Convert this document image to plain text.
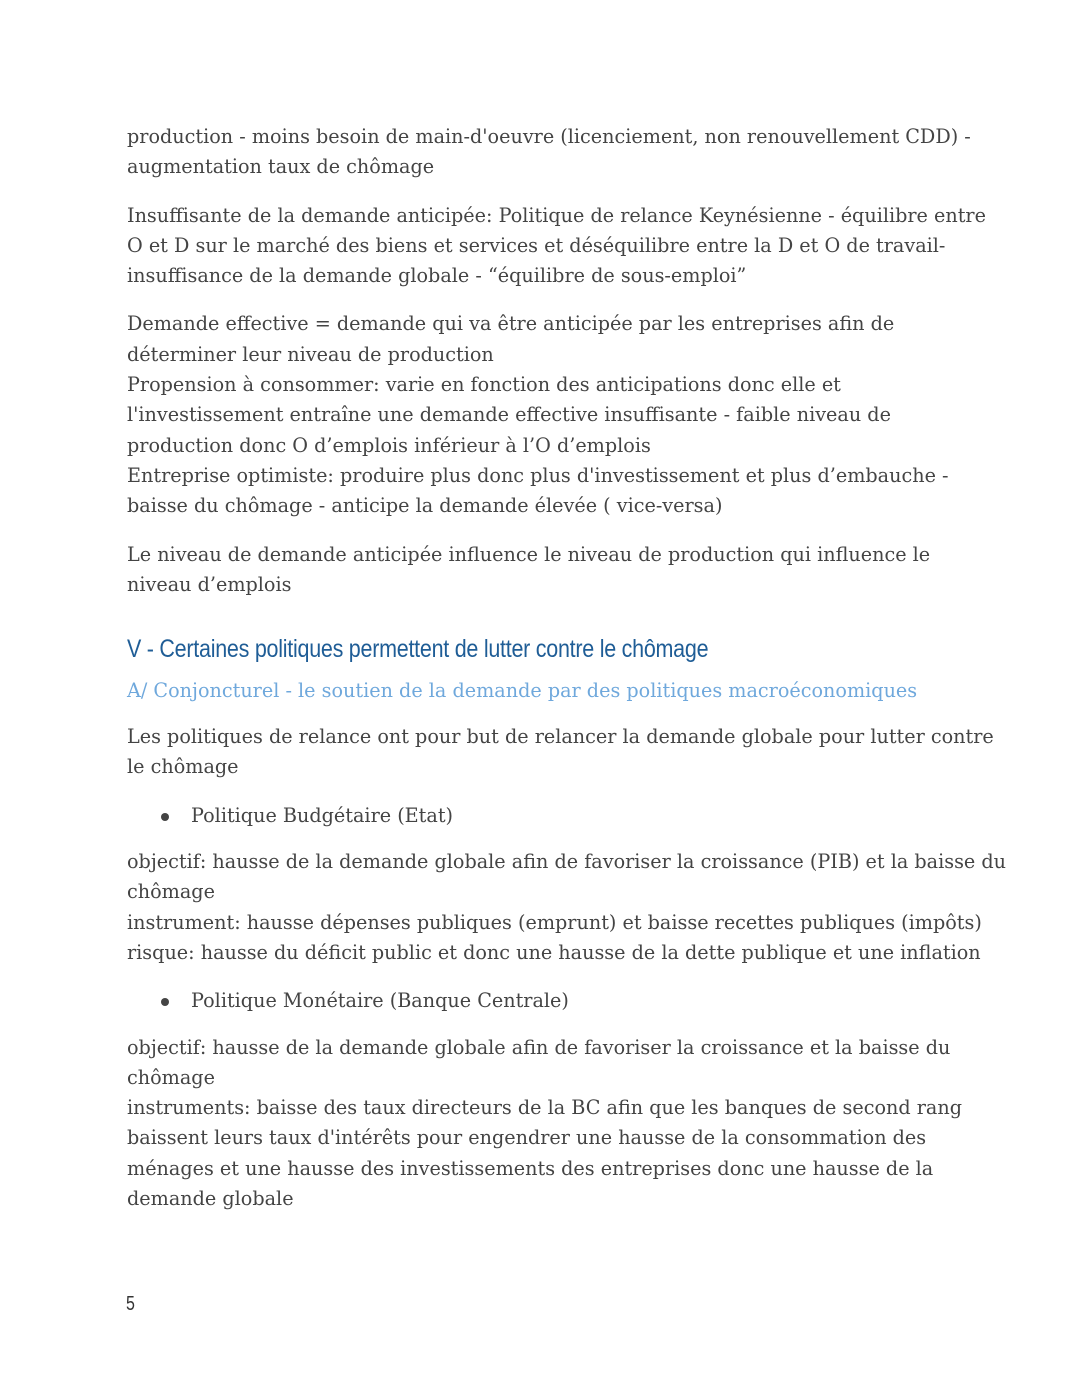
production - moins besoin de main-d'oeuvre (licenciement, non renouvellement CDD) -
augmentation taux de chômage

Insuffisante de la demande anticipée: Politique de relance Keynésienne - équilibre entre
O et D sur le marché des biens et services et déséquilibre entre la D et O de travail-
insuffisance de la demande globale - “équilibre de sous-emploi”

Demande effective = demande qui va être anticipée par les entreprises afin de
déterminer leur niveau de production
Propension à consommer: varie en fonction des anticipations donc elle et
l'investissement entraîne une demande effective insuffisante - faible niveau de
production donc O d’emplois inférieur à l’O d’emplois
Entreprise optimiste: produire plus donc plus d'investissement et plus d’embauche -
baisse du chômage - anticipe la demande élevée ( vice-versa)

Le niveau de demande anticipée influence le niveau de production qui influence le
niveau d’emplois

V - Certaines politiques permettent de lutter contre le chômage
A/ Conjoncturel - le soutien de la demande par des politiques macroéconomiques

Les politiques de relance ont pour but de relancer la demande globale pour lutter contre
le chômage

Politique Budgétaire (Etat)

objectif: hausse de la demande globale afin de favoriser la croissance (PIB) et la baisse du
chômage
instrument: hausse dépenses publiques (emprunt) et baisse recettes publiques (impôts)
risque: hausse du déficit public et donc une hausse de la dette publique et une inflation

Politique Monétaire (Banque Centrale)

objectif: hausse de la demande globale afin de favoriser la croissance et la baisse du
chômage
instruments: baisse des taux directeurs de la BC afin que les banques de second rang
baissent leurs taux d'intérêts pour engendrer une hausse de la consommation des
ménages et une hausse des investissements des entreprises donc une hausse de la
demande globale

5
